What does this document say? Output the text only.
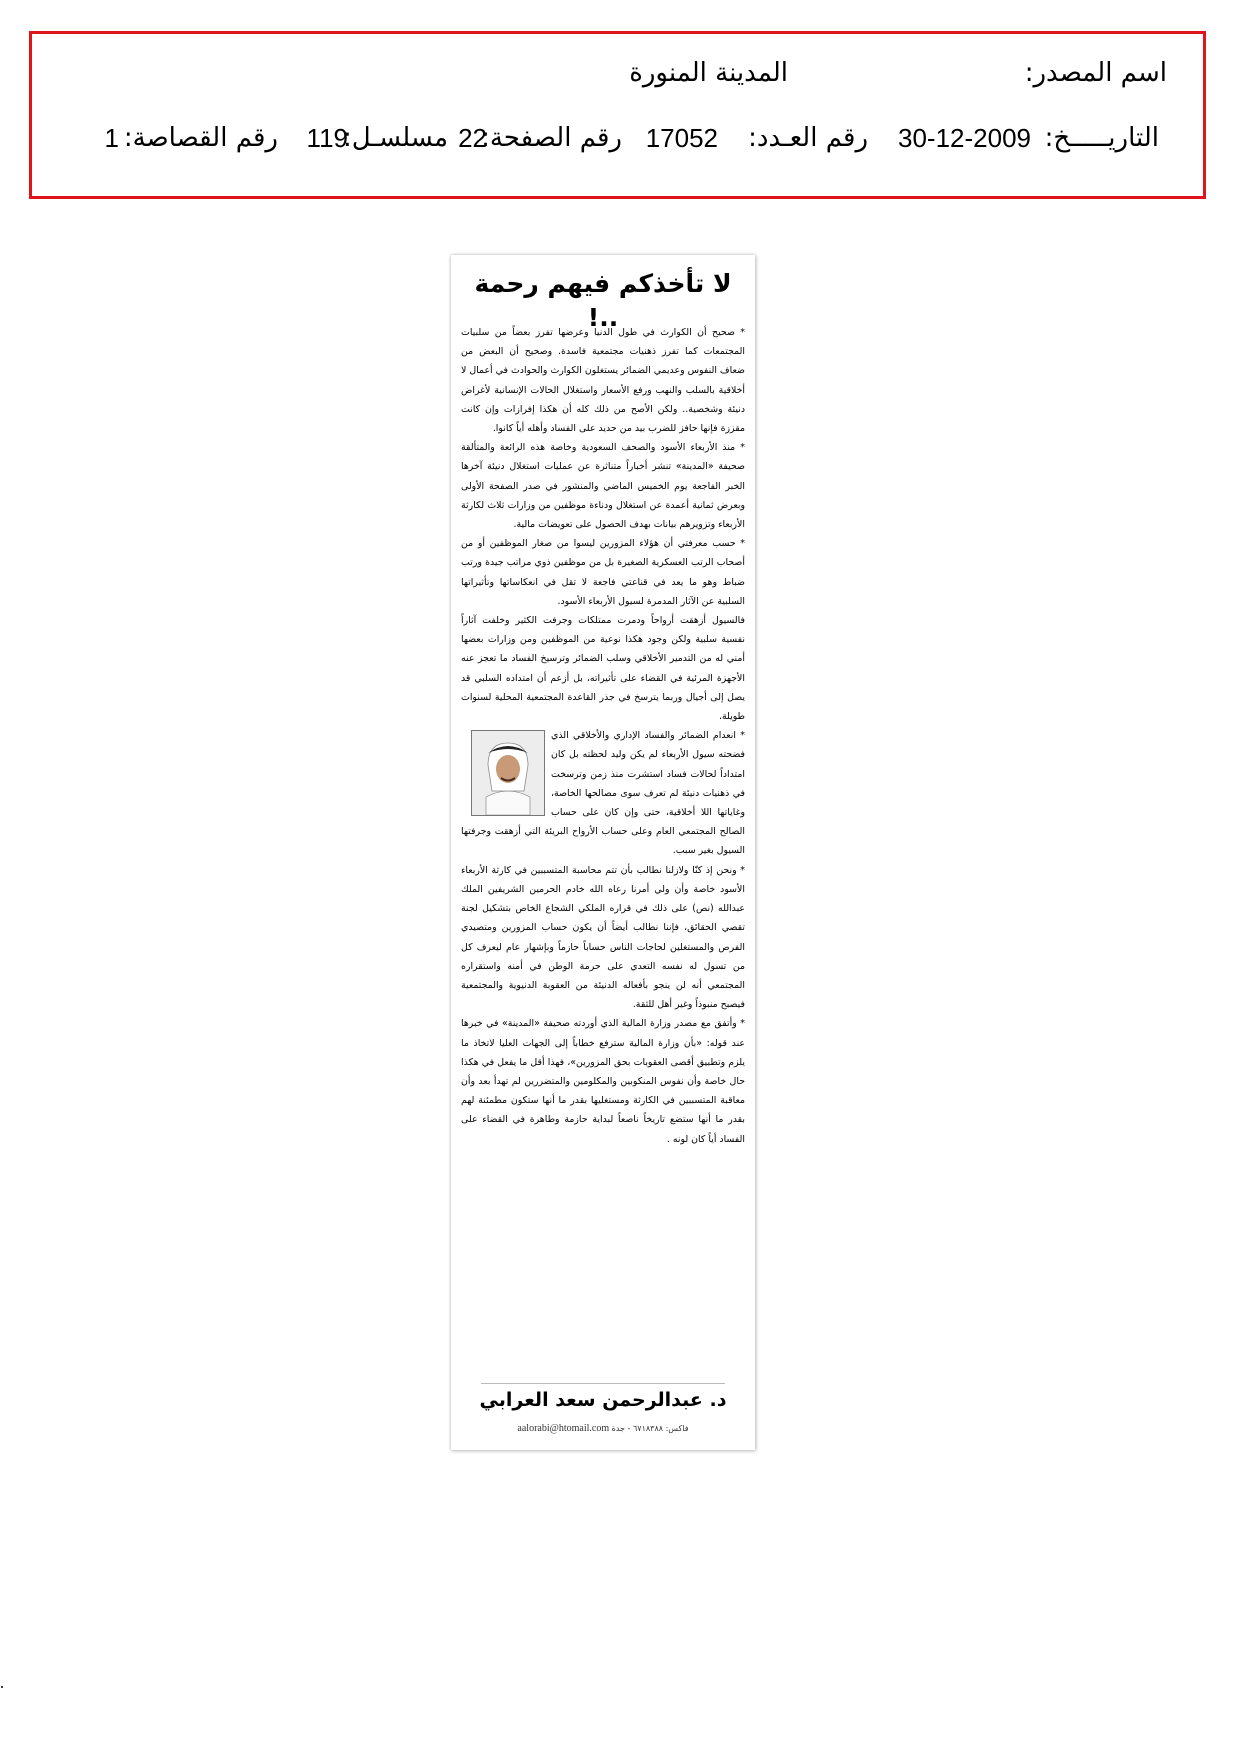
اسم المصدر:
المدينة المنورة
التاريـــــخ:
30-12-2009
رقم العـدد:
17052
رقم الصفحة:
22
مسلسـل:
119
رقم القصاصة:
1
لا تأخذكم فيهم رحمة ..!

* صحيح أن الكوارث في طول الدنيا وعرضها تفرز بعضاً من سلبيات المجتمعات كما تفرز ذهنيات مجتمعية فاسدة. وصحيح أن البعض من ضعاف النفوس وعديمي الضمائر يستغلون الكوارث والحوادث في أعمال لا أخلاقية بالسلب والنهب ورفع الأسعار واستغلال الحالات الإنسانية لأغراض دنيئة وشخصية.. ولكن الأصح من ذلك كله أن هكذا إفرازات وإن كانت مقززة فإنها حافز للضرب بيد من حديد على الفساد وأهله أياً كانوا.

* منذ الأربعاء الأسود والصحف السعودية وخاصة هذه الرائعة والمتألقة صحيفة «المدينة» تنشر أخباراً متناثرة عن عمليات استغلال دنيئة آخرها الخبر الفاجعة يوم الخميس الماضي والمنشور في صدر الصفحة الأولى وبعرض ثمانية أعمدة عن استغلال ودناءة موظفين من وزارات ثلاث لكارثة الأربعاء وتزويرهم بيانات بهدف الحصول على تعويضات مالية.

* حسب معرفتي أن هؤلاء المزورين ليسوا من صغار الموظفين أو من أصحاب الرتب العسكرية الصغيرة بل من موظفين ذوي مراتب جيدة ورتب ضباط وهو ما يعد في قناعتي فاجعة لا تقل في انعكاساتها وتأثيراتها السلبية عن الآثار المدمرة لسيول الأربعاء الأسود.

فالسيول أزهقت أرواحاً ودمرت ممتلكات وجرفت الكثير وخلفت آثاراً نفسية سلبية ولكن وجود هكذا نوعية من الموظفين ومن وزارات بعضها أمني له من التدمير الأخلاقي وسلب الضمائر وترسيخ الفساد ما تعجز عنه الأجهزة المرئية في القضاء على تأثيراته، بل أزعم أن امتداده السلبي قد يصل إلى أجيال وربما يترسخ في جذر القاعدة المجتمعية المحلية لسنوات طويلة.

* انعدام الضمائر والفساد الإداري والأخلاقي الذي فضحته سيول الأربعاء لم يكن وليد لحظته بل كان امتداداً لحالات فساد استشرت منذ زمن وترسخت في ذهنيات دنيئة لم تعرف سوى مصالحها الخاصة، وغاياتها اللا أخلاقية، حتى وإن كان على حساب الصالح المجتمعي العام وعلى حساب الأرواح البريئة التي أزهقت وجرفتها السيول بغير سبب.

* ونحن إذ كنّا ولازلنا نطالب بأن تتم محاسبة المتسببين في كارثة الأربعاء الأسود خاصة وأن ولي أمرنا رعاه الله خادم الحرمين الشريفين الملك عبدالله (نص) على ذلك في قراره الملكي الشجاع الخاص بتشكيل لجنة تقصي الحقائق، فإننا نطالب أيضاً أن يكون حساب المزورين ومتصيدي الفرص والمستغلين لحاجات الناس حساباً حازماً وبإشهار عام ليعرف كل من تسول له نفسه التعدي على حرمة الوطن في أمنه واستقراره المجتمعي أنه لن ينجو بأفعاله الدنيئة من العقوبة الدنيوية والمجتمعية فيصبح منبوذاً وغير أهل للثقة.

* وأتفق مع مصدر وزارة المالية الذي أوردته صحيفة «المدينة» في خبرها عند قوله: «بأن وزارة المالية سترفع خطاباً إلى الجهات العليا لاتخاذ ما يلزم وتطبيق أقصى العقوبات بحق المزورين»، فهذا أقل ما يفعل في هكذا حال خاصة وأن نفوس المنكوبين والمكلومين والمتضررين لم تهدأ بعد وأن معاقبة المتسببين في الكارثة ومستغليها بقدر ما أنها ستكون مطمئنة لهم بقدر ما أنها ستضع تاريخاً ناصعاً لبداية حازمة وطاهرة في القضاء على الفساد أياً كان لونه .

د. عبدالرحمن سعد العرابي
فاكس: ٦٧١٨٣٨٨ - جدة aalorabi@htomail.com
